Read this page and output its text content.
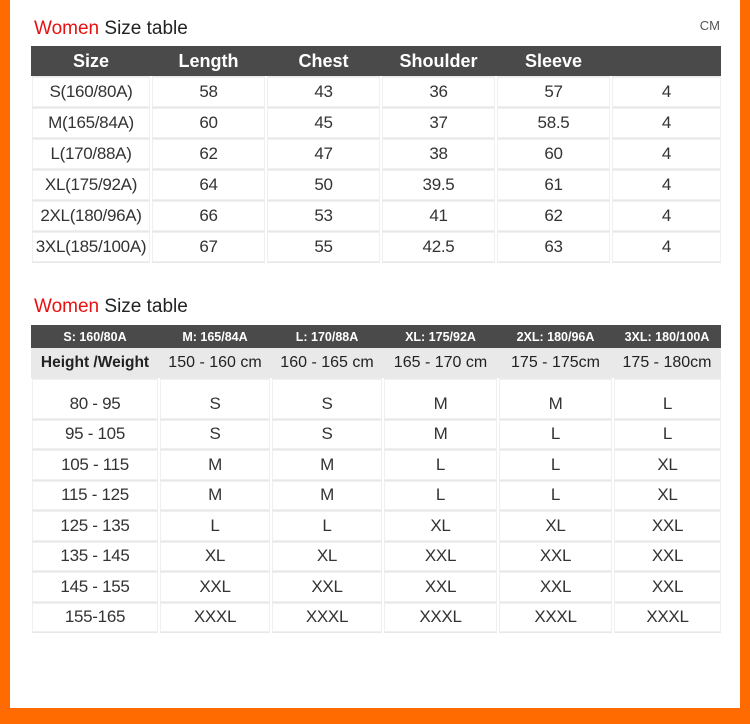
Women Size table	CM
Size	Length	Chest	Shoulder	Sleeve	
S(160/80A)	58	43	36	57	4
M(165/84A)	60	45	37	58.5	4
L(170/88A)	62	47	38	60	4
XL(175/92A)	64	50	39.5	61	4
2XL(180/96A)	66	53	41	62	4
3XL(185/100A)	67	55	42.5	63	4
Women Size table
S: 160/80A	M: 165/84A	L: 170/88A	XL: 175/92A	2XL: 180/96A	3XL: 180/100A
Height /Weight	150 - 160 cm	160 - 165 cm	165 - 170 cm	175 - 175cm	175 - 180cm
80 - 95	S	S	M	M	L
95 - 105	S	S	M	L	L
105 - 115	M	M	L	L	XL
115 - 125	M	M	L	L	XL
125 - 135	L	L	XL	XL	XXL
135 - 145	XL	XL	XXL	XXL	XXL
145 - 155	XXL	XXL	XXL	XXL	XXL
155-165	XXXL	XXXL	XXXL	XXXL	XXXL
